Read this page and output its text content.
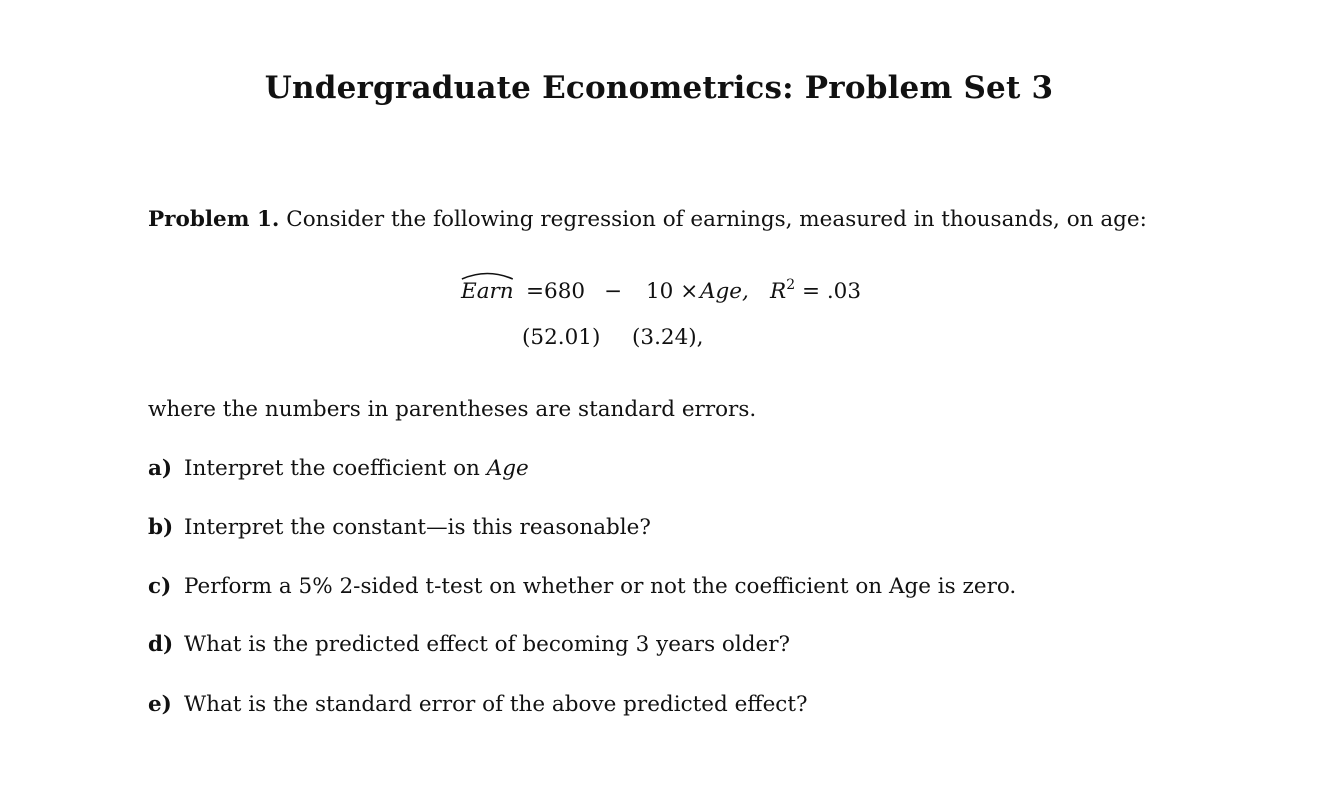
Undergraduate Econometrics: Problem Set 3
Problem 1. Consider the following regression of earnings, measured in thousands, on age:
Earn =680 − 10 × Age, $R^2 = .03$
(52.01) (3.24),
where the numbers in parentheses are standard errors.
a) Interpret the coefficient on Age
b) Interpret the constant—is this reasonable?
c) Perform a 5% 2-sided t-test on whether or not the coefficient on Age is zero.
d) What is the predicted effect of becoming 3 years older?
e) What is the standard error of the above predicted effect?
